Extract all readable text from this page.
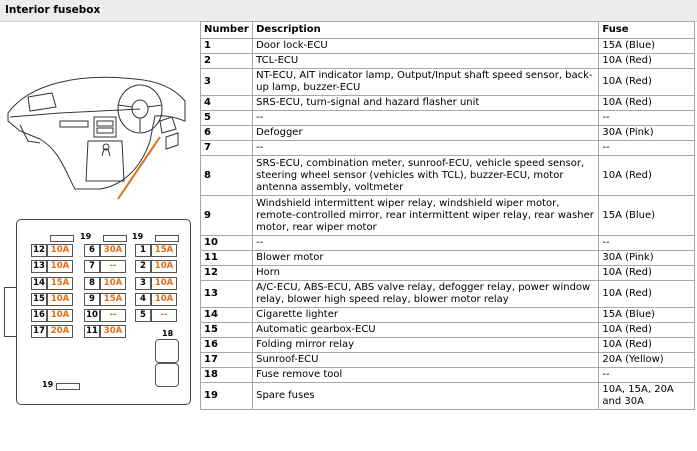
Interior fusebox
19	19
12 10A	6	30A	1	15A
13 10A	7	--	2	10A
14 15A	8	10A	3	10A
15 10A	9	15A	4	10A
16 10A	10	--	5	--
17 20A	11 30A	18
19
Number	Description	Fuse
1	Door lock-ECU	15A (Blue)
2	TCL-ECU	10A (Red)
3	NT-ECU, AIT indicator lamp, Output/Input shaft speed sensor, back-up lamp, buzzer-ECU	10A (Red)
4	SRS-ECU, turn-signal and hazard flasher unit	10A (Red)
5	--	--
6	Defogger	30A (Pink)
7	--	--
8	SRS-ECU, combination meter, sunroof-ECU, vehicle speed sensor, steering wheel sensor (vehicles with TCL), buzzer-ECU, motor antenna assembly, voltmeter	10A (Red)
9	Windshield intermittent wiper relay, windshield wiper motor, remote-controlled mirror, rear intermittent wiper relay, rear washer motor, rear wiper motor	15A (Blue)
10	--	--
11	Blower motor	30A (Pink)
12	Horn	10A (Red)
13	A/C-ECU, ABS-ECU, ABS valve relay, defogger relay, power window relay, blower high speed relay, blower motor relay	10A (Red)
14	Cigarette lighter	15A (Blue)
15	Automatic gearbox-ECU	10A (Red)
16	Folding mirror relay	10A (Red)
17	Sunroof-ECU	20A (Yellow)
18	Fuse remove tool	--
19	Spare fuses	10A, 15A, 20A and 30A
